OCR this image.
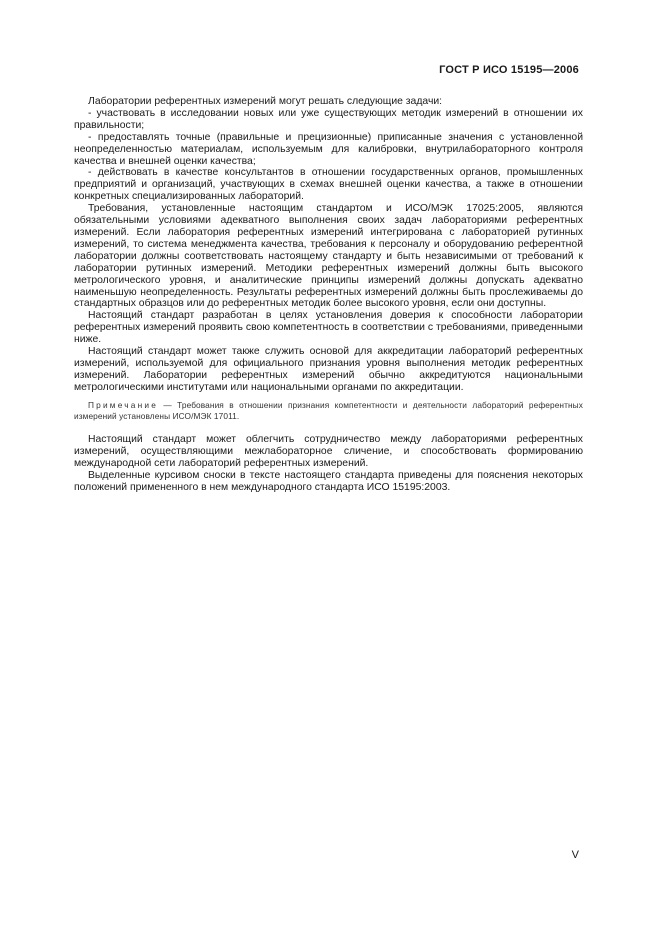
ГОСТ Р ИСО 15195—2006

Лаборатории референтных измерений могут решать следующие задачи:

- участвовать в исследовании новых или уже существующих методик измерений в отношении их правильности;

- предоставлять точные (правильные и прецизионные) приписанные значения с установленной неопределенностью материалам, используемым для калибровки, внутрилабораторного контроля качества и внешней оценки качества;

- действовать в качестве консультантов в отношении государственных органов, промышленных предприятий и организаций, участвующих в схемах внешней оценки качества, а также в отношении конкретных специализированных лабораторий.

Требования, установленные настоящим стандартом и ИСО/МЭК 17025:2005, являются обязательными условиями адекватного выполнения своих задач лабораториями референтных измерений. Если лаборатория референтных измерений интегрирована с лабораторией рутинных измерений, то система менеджмента качества, требования к персоналу и оборудованию референтной лаборатории должны соответствовать настоящему стандарту и быть независимыми от требований к лаборатории рутинных измерений. Методики референтных измерений должны быть высокого метрологического уровня, и аналитические принципы измерений должны допускать адекватно наименьшую неопределенность. Результаты референтных измерений должны быть прослеживаемы до стандартных образцов или до референтных методик более высокого уровня, если они доступны.

Настоящий стандарт разработан в целях установления доверия к способности лаборатории референтных измерений проявить свою компетентность в соответствии с требованиями, приведенными ниже.

Настоящий стандарт может также служить основой для аккредитации лабораторий референтных измерений, используемой для официального признания уровня выполнения методик референтных измерений. Лаборатории референтных измерений обычно аккредитуются национальными метрологическими институтами или национальными органами по аккредитации.

Примечание — Требования в отношении признания компетентности и деятельности лабораторий референтных измерений установлены ИСО/МЭК 17011.

Настоящий стандарт может облегчить сотрудничество между лабораториями референтных измерений, осуществляющими межлабораторное сличение, и способствовать формированию международной сети лабораторий референтных измерений.

Выделенные курсивом сноски в тексте настоящего стандарта приведены для пояснения некоторых положений примененного в нем международного стандарта ИСО 15195:2003.

V
